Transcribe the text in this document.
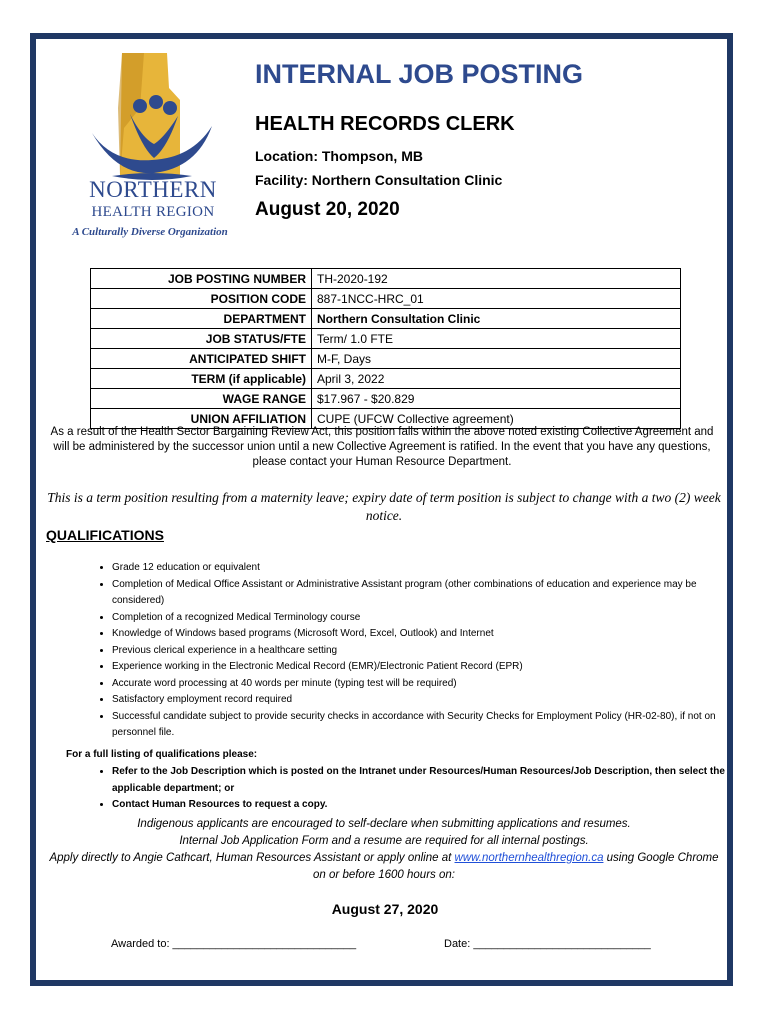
NORTHERN
HEALTH REGION
A Culturally Diverse Organization
INTERNAL JOB POSTING
HEALTH RECORDS CLERK
Location: Thompson, MB
Facility: Northern Consultation Clinic
August 20, 2020
JOB POSTING NUMBER	TH-2020-192
POSITION CODE	887-1NCC-HRC_01
DEPARTMENT	Northern Consultation Clinic
JOB STATUS/FTE	Term/ 1.0 FTE
ANTICIPATED SHIFT	M-F, Days
TERM (if applicable)	April 3, 2022
WAGE RANGE	$17.967 - $20.829
UNION AFFILIATION	CUPE (UFCW Collective agreement)
As a result of the Health Sector Bargaining Review Act, this position falls within the above noted existing Collective Agreement and will be administered by the successor union until a new Collective Agreement is ratified. In the event that you have any questions, please contact your Human Resource Department.
This is a term position resulting from a maternity leave; expiry date of term position is subject to change with a two (2) week notice.
QUALIFICATIONS
• Grade 12 education or equivalent
• Completion of Medical Office Assistant or Administrative Assistant program (other combinations of education and experience may be considered)
• Completion of a recognized Medical Terminology course
• Knowledge of Windows based programs (Microsoft Word, Excel, Outlook) and Internet
• Previous clerical experience in a healthcare setting
• Experience working in the Electronic Medical Record (EMR)/Electronic Patient Record (EPR)
• Accurate word processing at 40 words per minute (typing test will be required)
• Satisfactory employment record required
• Successful candidate subject to provide security checks in accordance with Security Checks for Employment Policy (HR-02-80), if not on personnel file.
For a full listing of qualifications please:
• Refer to the Job Description which is posted on the Intranet under Resources/Human Resources/Job Description, then select the applicable department; or
• Contact Human Resources to request a copy.
Indigenous applicants are encouraged to self-declare when submitting applications and resumes.
Internal Job Application Form and a resume are required for all internal postings.
Apply directly to Angie Cathcart, Human Resources Assistant or apply online at www.northernhealthregion.ca using Google Chrome on or before 1600 hours on:
August 27, 2020
Awarded to: ______________________________	Date: _____________________________
